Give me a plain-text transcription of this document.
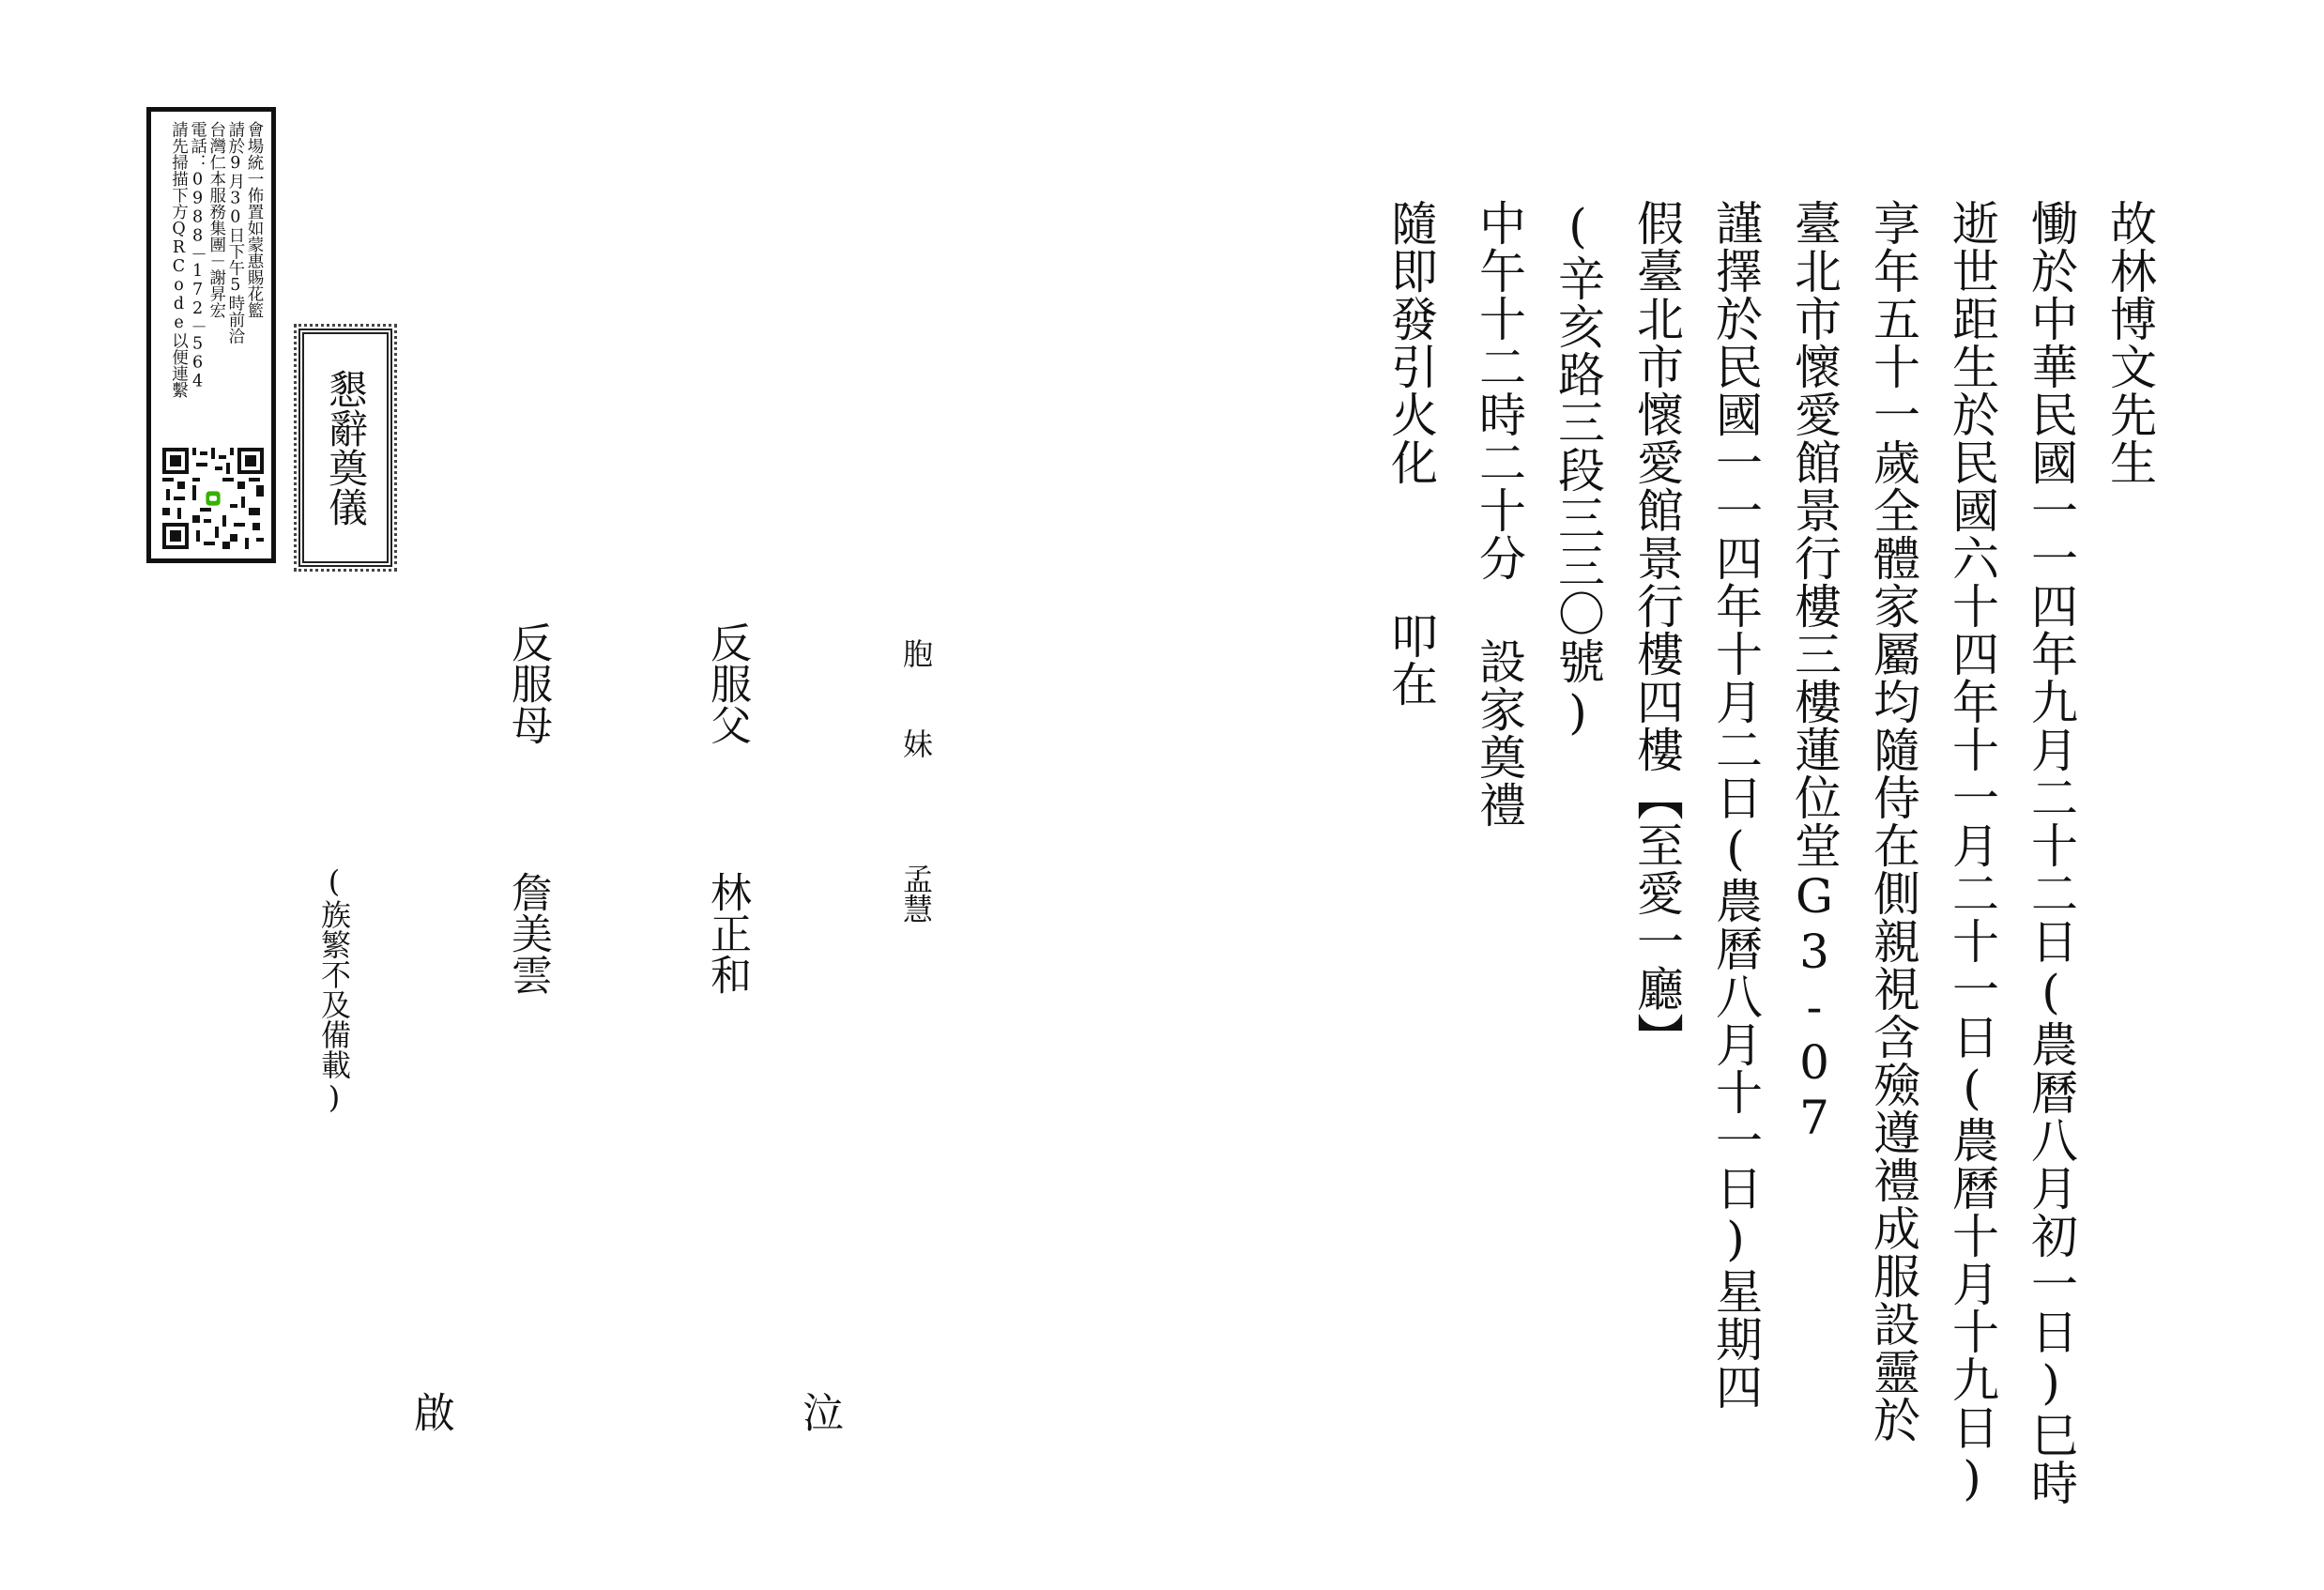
故林博文先生
慟於中華民國一一四年九月二十二日(農曆八月初一日)巳時
逝世距生於民國六十四年十一月二十一日(農曆十月十九日)
享年五十一歲全體家屬均隨侍在側親視含殮遵禮成服設靈於
臺北市懷愛館景行樓三樓蓮位堂G3-07
謹擇於民國一一四年十月二日(農曆八月十一日)星期四
假臺北市懷愛館景行樓四樓【至愛一廳】
(辛亥路三段三三〇號)
中午十二時二十分 設家奠禮
隨即發引火化
叩在
胞　　妹
孟慧
反服父
林正和
反服母
詹美雲
(族繁不及備載)
泣
啟
懇辭奠儀
會場統一佈置如蒙惠賜花籃
請於9月30日下午5時前洽
台灣仁本服務集團－謝昇宏
電話：0988－172－564
請先掃描下方QRCode以便連繫
